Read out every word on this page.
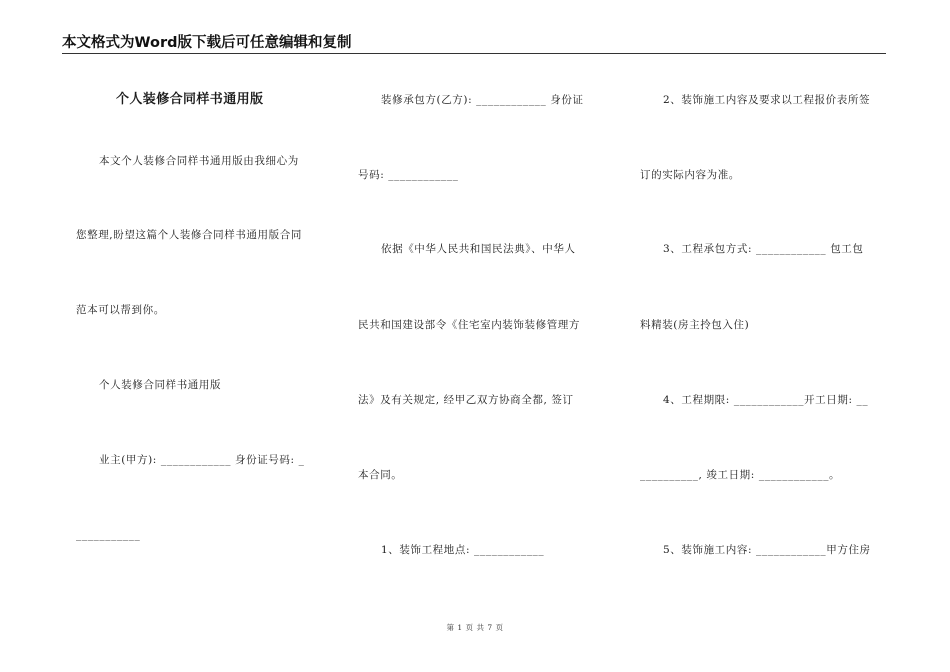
本文格式为Word版下载后可任意编辑和复制
个人装修合同样书通用版
本文个人装修合同样书通用版由我细心为
您整理,盼望这篇个人装修合同样书通用版合同
范本可以帮到你。
个人装修合同样书通用版
业主(甲方): ____________ 身份证号码: _
___________
装修承包方(乙方): ____________ 身份证
号码: ____________
依据《中华人民共和国民法典》、中华人
民共和国建设部令《住宅室内装饰装修管理方
法》及有关规定, 经甲乙双方协商全都, 签订
本合同。
1、装饰工程地点: ____________
2、装饰施工内容及要求以工程报价表所签
订的实际内容为准。
3、工程承包方式: ____________ 包工包
料精装(房主拎包入住)
4、工程期限: ____________开工日期: __
__________, 竣工日期: ____________。
5、装饰施工内容: ____________甲方住房
第 1 页 共 7 页
